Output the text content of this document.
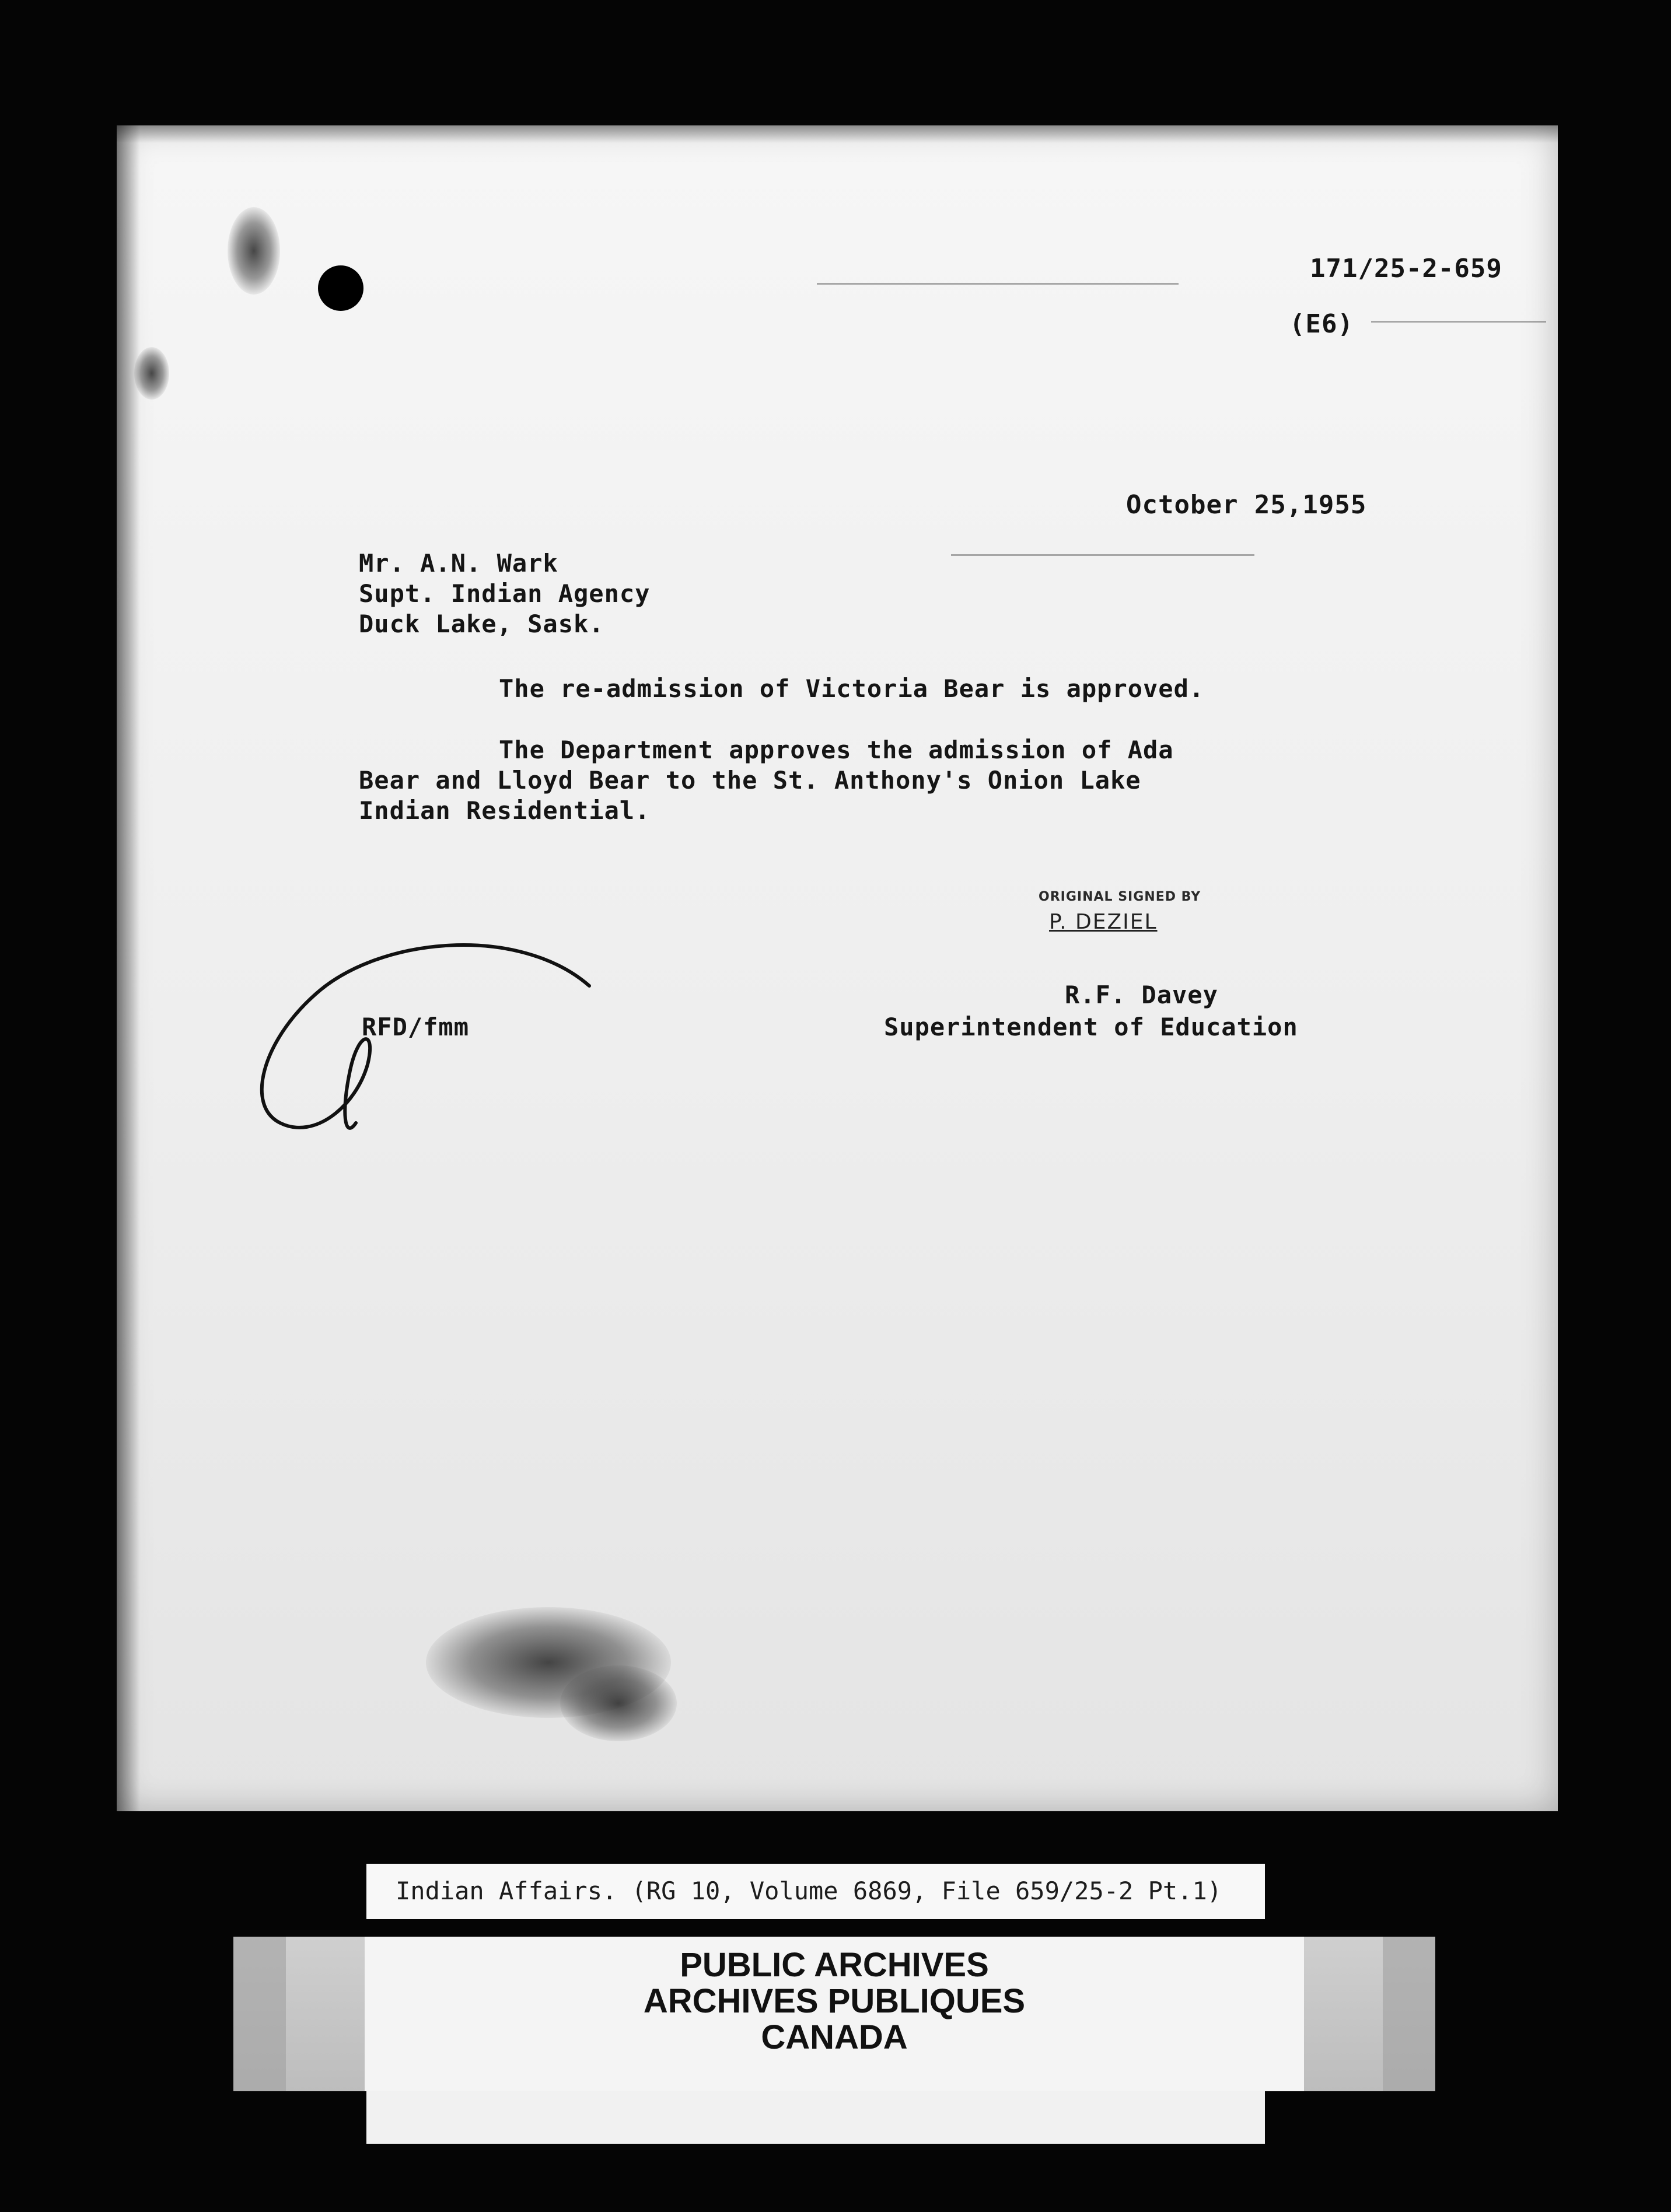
171/25-2-659
(E6)
October 25,1955
Mr. A.N. Wark
Supt. Indian Agency
Duck Lake, Sask.
The re-admission of Victoria Bear is approved.
The Department approves the admission of Ada
Bear and Lloyd Bear to the St. Anthony's Onion Lake
Indian Residential.
ORIGINAL SIGNED BY
P. DEZIEL
R.F. Davey
Superintendent of Education
RFD/fmm
Indian Affairs. (RG 10, Volume 6869, File 659/25-2 Pt.1)
PUBLIC ARCHIVES
ARCHIVES PUBLIQUES
CANADA
